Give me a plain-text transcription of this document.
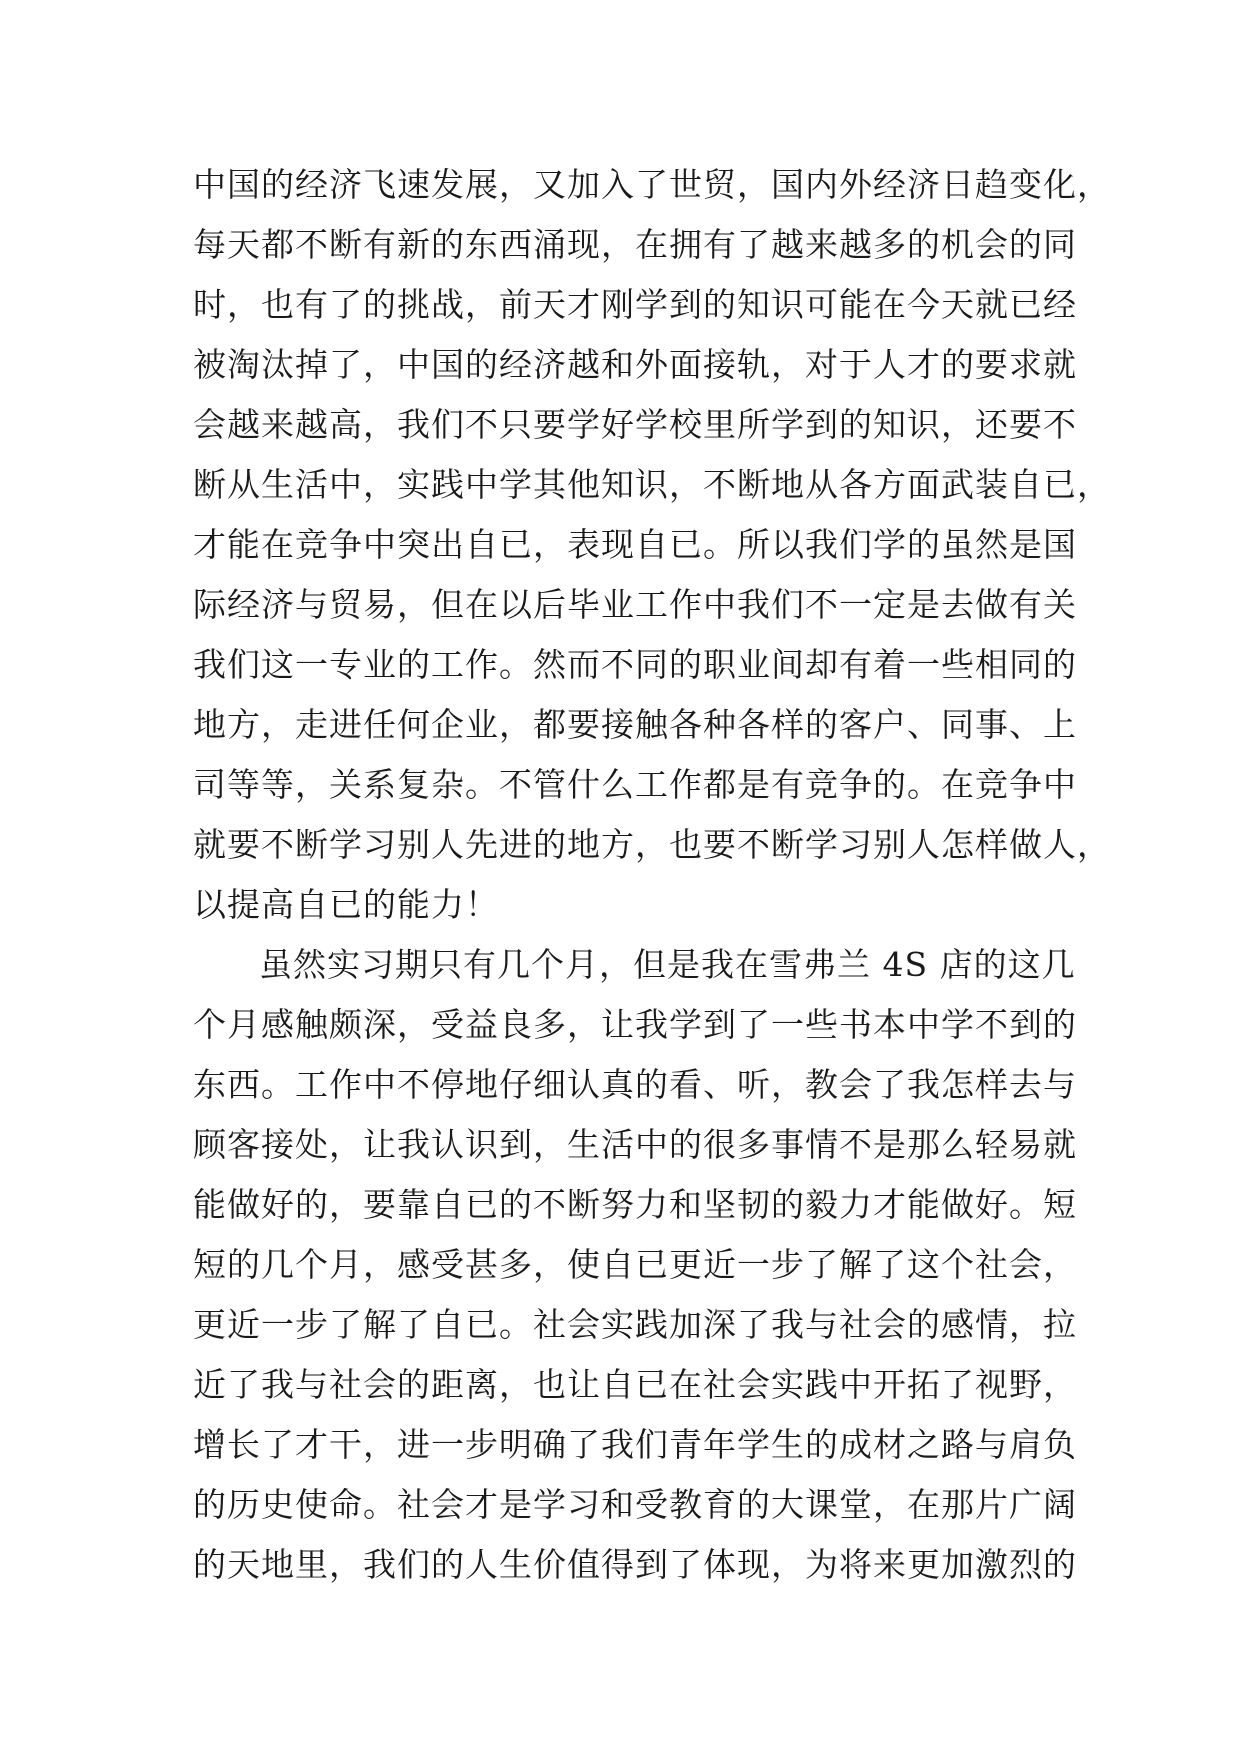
中国的经济飞速发展，又加入了世贸，国内外经济日趋变化，
每天都不断有新的东西涌现，在拥有了越来越多的机会的同
时，也有了的挑战，前天才刚学到的知识可能在今天就已经
被淘汰掉了，中国的经济越和外面接轨，对于人才的要求就
会越来越高，我们不只要学好学校里所学到的知识，还要不
断从生活中，实践中学其他知识，不断地从各方面武装自已，
才能在竞争中突出自已，表现自已。所以我们学的虽然是国
际经济与贸易，但在以后毕业工作中我们不一定是去做有关
我们这一专业的工作。然而不同的职业间却有着一些相同的
地方，走进任何企业，都要接触各种各样的客户、同事、上
司等等，关系复杂。不管什么工作都是有竞争的。在竞争中
就要不断学习别人先进的地方，也要不断学习别人怎样做人，
以提高自已的能力！
虽然实习期只有几个月，但是我在雪弗兰 4S 店的这几
个月感触颇深，受益良多，让我学到了一些书本中学不到的
东西。工作中不停地仔细认真的看、听，教会了我怎样去与
顾客接处，让我认识到，生活中的很多事情不是那么轻易就
能做好的，要靠自已的不断努力和坚韧的毅力才能做好。短
短的几个月，感受甚多，使自已更近一步了解了这个社会，
更近一步了解了自已。社会实践加深了我与社会的感情，拉
近了我与社会的距离，也让自已在社会实践中开拓了视野，
增长了才干，进一步明确了我们青年学生的成材之路与肩负
的历史使命。社会才是学习和受教育的大课堂，在那片广阔
的天地里，我们的人生价值得到了体现，为将来更加激烈的
